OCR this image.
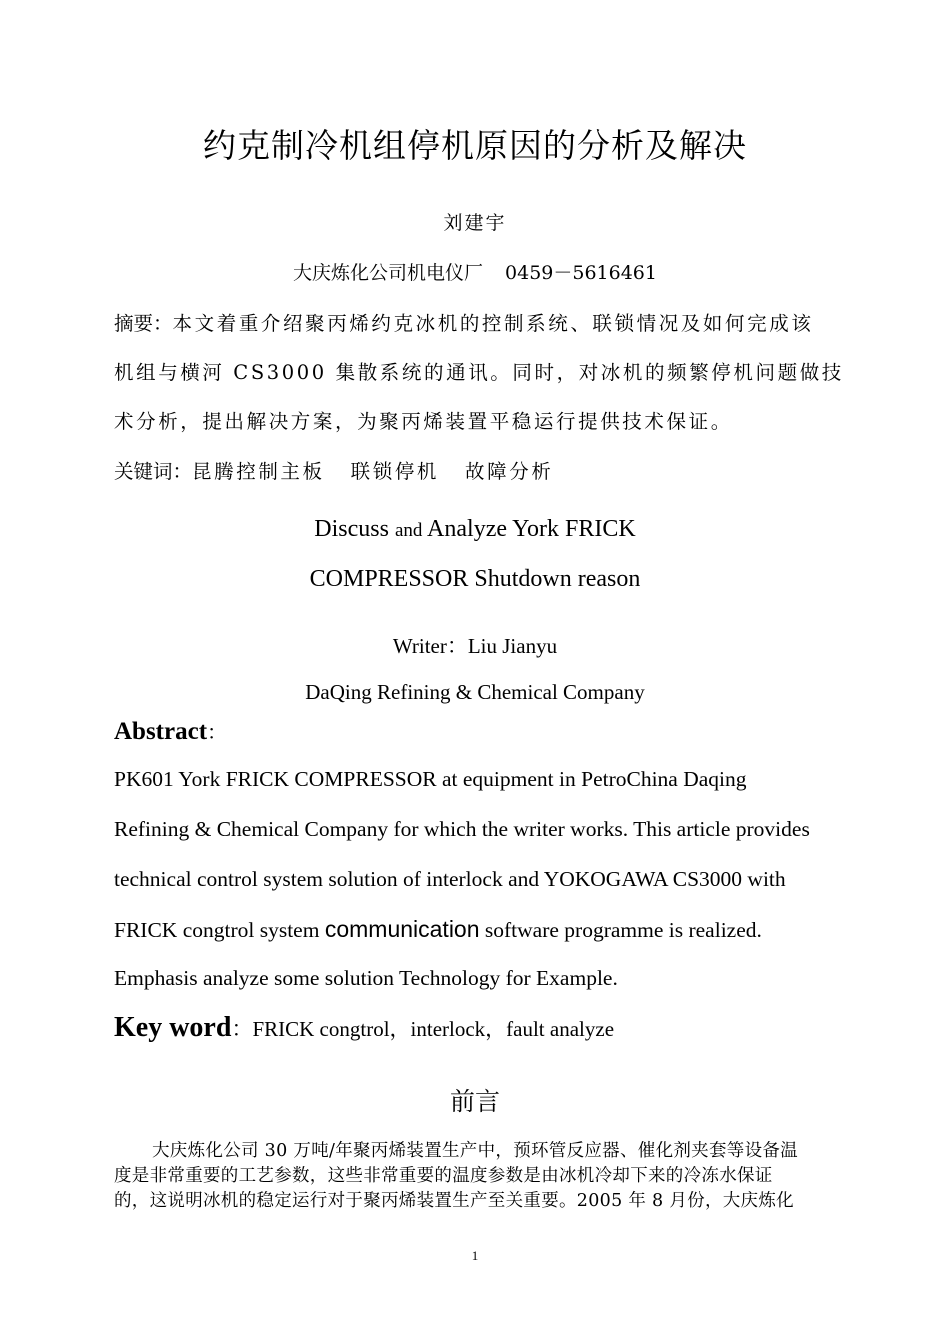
约克制冷机组停机原因的分析及解决
刘建宇
大庆炼化公司机电仪厂 0459－5616461
摘要：本文着重介绍聚丙烯约克冰机的控制系统、联锁情况及如何完成该
机组与横河 CS3000 集散系统的通讯。同时，对冰机的频繁停机问题做技
术分析，提出解决方案，为聚丙烯装置平稳运行提供技术保证。
关键词：昆腾控制主板 联锁停机 故障分析
Discuss and Analyze York FRICK
COMPRESSOR Shutdown reason
Writer：Liu Jianyu
DaQing Refining & Chemical Company
Abstract：
PK601 York FRICK COMPRESSOR at equipment in PetroChina Daqing
Refining & Chemical Company for which the writer works. This article provides
technical control system solution of interlock and YOKOGAWA CS3000 with
FRICK congtrol system communication software programme is realized.
Emphasis analyze some solution Technology for Example.
Key word：FRICK congtrol，interlock，fault analyze
前言
大庆炼化公司 30 万吨/年聚丙烯装置生产中，预环管反应器、催化剂夹套等设备温
度是非常重要的工艺参数，这些非常重要的温度参数是由冰机冷却下来的冷冻水保证
的，这说明冰机的稳定运行对于聚丙烯装置生产至关重要。2005 年 8 月份，大庆炼化
1
